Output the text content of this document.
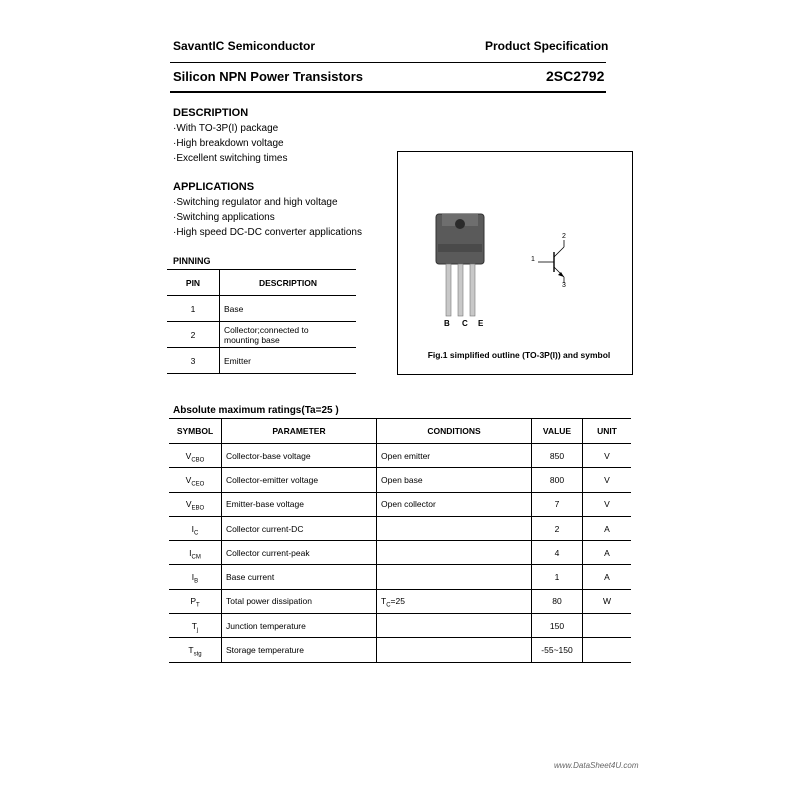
SavantIC Semiconductor	Product Specification
Silicon NPN Power Transistors	2SC2792
DESCRIPTION
·With TO-3P(I) package
·High breakdown voltage
·Excellent switching times
APPLICATIONS
·Switching regulator and high voltage
·Switching applications
·High speed DC-DC converter applications
PINNING
PIN	DESCRIPTION
1	Base
2	Collector;connected to
mounting base

3	Emitter
B C E
1
2
3
Fig.1 simplified outline (TO-3P(I)) and symbol
Absolute maximum ratings(Ta=25 )
SYMBOL	PARAMETER	CONDITIONS	VALUE	UNIT
$V_{CBO}$	Collector-base voltage	Open emitter	850	V
$V_{CEO}$	Collector-emitter voltage	Open base	800	V
$V_{EBO}$	Emitter-base voltage	Open collector	7	V
$I_C$	Collector current-DC		2	A
$I_{CM}$	Collector current-peak		4	A
$I_B$	Base current		1	A
$P_T$	Total power dissipation	$T_C=25$	80	W
$T_j$	Junction temperature		150	
$T_{stg}$	Storage temperature		-55~150	
www.DataSheet4U.com
